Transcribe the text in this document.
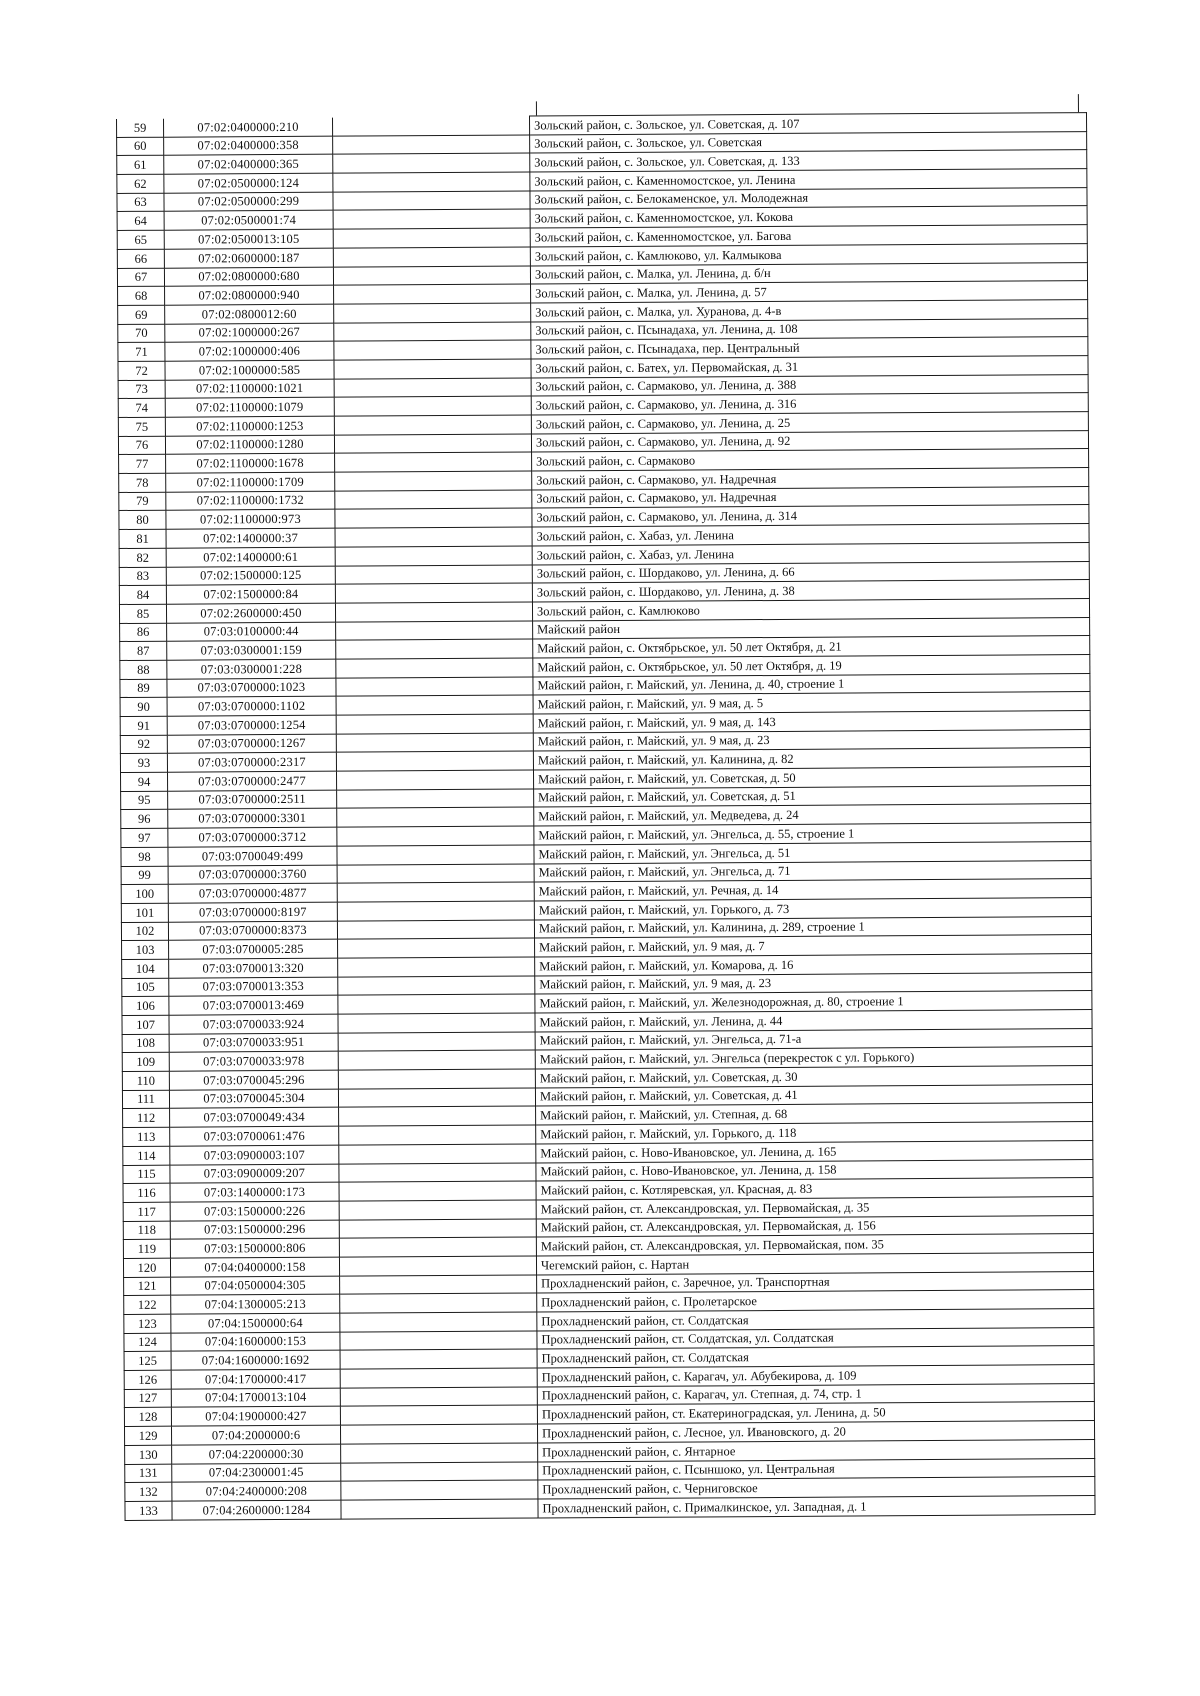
59	07:02:0400000:210		Зольский район, с. Зольское, ул. Советская, д. 107
60	07:02:0400000:358		Зольский район, с. Зольское, ул. Советская
61	07:02:0400000:365		Зольский район, с. Зольское, ул. Советская, д. 133
62	07:02:0500000:124		Зольский район, с. Каменномостское, ул. Ленина
63	07:02:0500000:299		Зольский район, с. Белокаменское, ул. Молодежная
64	07:02:0500001:74		Зольский район, с. Каменномостское, ул. Кокова
65	07:02:0500013:105		Зольский район, с. Каменномостское, ул. Багова
66	07:02:0600000:187		Зольский район, с. Камлюково, ул. Калмыкова
67	07:02:0800000:680		Зольский район, с. Малка, ул. Ленина, д. б/н
68	07:02:0800000:940		Зольский район, с. Малка, ул. Ленина, д. 57
69	07:02:0800012:60		Зольский район, с. Малка, ул. Хуранова, д. 4-в
70	07:02:1000000:267		Зольский район, с. Псынадаха, ул. Ленина, д. 108
71	07:02:1000000:406		Зольский район, с. Псынадаха, пер. Центральный
72	07:02:1000000:585		Зольский район, с. Батех, ул. Первомайская, д. 31
73	07:02:1100000:1021		Зольский район, с. Сармаково, ул. Ленина, д. 388
74	07:02:1100000:1079		Зольский район, с. Сармаково, ул. Ленина, д. 316
75	07:02:1100000:1253		Зольский район, с. Сармаково, ул. Ленина, д. 25
76	07:02:1100000:1280		Зольский район, с. Сармаково, ул. Ленина, д. 92
77	07:02:1100000:1678		Зольский район, с. Сармаково
78	07:02:1100000:1709		Зольский район, с. Сармаково, ул. Надречная
79	07:02:1100000:1732		Зольский район, с. Сармаково, ул. Надречная
80	07:02:1100000:973		Зольский район, с. Сармаково, ул. Ленина, д. 314
81	07:02:1400000:37		Зольский район, с. Хабаз, ул. Ленина
82	07:02:1400000:61		Зольский район, с. Хабаз, ул. Ленина
83	07:02:1500000:125		Зольский район, с. Шордаково, ул. Ленина, д. 66
84	07:02:1500000:84		Зольский район, с. Шордаково, ул. Ленина, д. 38
85	07:02:2600000:450		Зольский район, с. Камлюково
86	07:03:0100000:44		Майский район
87	07:03:0300001:159		Майский район, с. Октябрьское, ул. 50 лет Октября, д. 21
88	07:03:0300001:228		Майский район, с. Октябрьское, ул. 50 лет Октября, д. 19
89	07:03:0700000:1023		Майский район, г. Майский, ул. Ленина, д. 40, строение 1
90	07:03:0700000:1102		Майский район, г. Майский, ул. 9 мая, д. 5
91	07:03:0700000:1254		Майский район, г. Майский, ул. 9 мая, д. 143
92	07:03:0700000:1267		Майский район, г. Майский, ул. 9 мая, д. 23
93	07:03:0700000:2317		Майский район, г. Майский, ул. Калинина, д. 82
94	07:03:0700000:2477		Майский район, г. Майский, ул. Советская, д. 50
95	07:03:0700000:2511		Майский район, г. Майский, ул. Советская, д. 51
96	07:03:0700000:3301		Майский район, г. Майский, ул. Медведева, д. 24
97	07:03:0700000:3712		Майский район, г. Майский, ул. Энгельса, д. 55, строение 1
98	07:03:0700049:499		Майский район, г. Майский, ул. Энгельса, д. 51
99	07:03:0700000:3760		Майский район, г. Майский, ул. Энгельса, д. 71
100	07:03:0700000:4877		Майский район, г. Майский, ул. Речная, д. 14
101	07:03:0700000:8197		Майский район, г. Майский, ул. Горького, д. 73
102	07:03:0700000:8373		Майский район, г. Майский, ул. Калинина, д. 289, строение 1
103	07:03:0700005:285		Майский район, г. Майский, ул. 9 мая, д. 7
104	07:03:0700013:320		Майский район, г. Майский, ул. Комарова, д. 16
105	07:03:0700013:353		Майский район, г. Майский, ул. 9 мая, д. 23
106	07:03:0700013:469		Майский район, г. Майский, ул. Железнодорожная, д. 80, строение 1
107	07:03:0700033:924		Майский район, г. Майский, ул. Ленина, д. 44
108	07:03:0700033:951		Майский район, г. Майский, ул. Энгельса, д. 71-а
109	07:03:0700033:978		Майский район, г. Майский, ул. Энгельса (перекресток с ул. Горького)
110	07:03:0700045:296		Майский район, г. Майский, ул. Советская, д. 30
111	07:03:0700045:304		Майский район, г. Майский, ул. Советская, д. 41
112	07:03:0700049:434		Майский район, г. Майский, ул. Степная, д. 68
113	07:03:0700061:476		Майский район, г. Майский, ул. Горького, д. 118
114	07:03:0900003:107		Майский район, с. Ново-Ивановское, ул. Ленина, д. 165
115	07:03:0900009:207		Майский район, с. Ново-Ивановское, ул. Ленина, д. 158
116	07:03:1400000:173		Майский район, с. Котляревская, ул. Красная, д. 83
117	07:03:1500000:226		Майский район, ст. Александровская, ул. Первомайская, д. 35
118	07:03:1500000:296		Майский район, ст. Александровская, ул. Первомайская, д. 156
119	07:03:1500000:806		Майский район, ст. Александровская, ул. Первомайская, пом. 35
120	07:04:0400000:158		Чегемский район, с. Нартан
121	07:04:0500004:305		Прохладненский район, с. Заречное, ул. Транспортная
122	07:04:1300005:213		Прохладненский район, с. Пролетарское
123	07:04:1500000:64		Прохладненский район, ст. Солдатская
124	07:04:1600000:153		Прохладненский район, ст. Солдатская, ул. Солдатская
125	07:04:1600000:1692		Прохладненский район, ст. Солдатская
126	07:04:1700000:417		Прохладненский район, с. Карагач, ул. Абубекирова, д. 109
127	07:04:1700013:104		Прохладненский район, с. Карагач, ул. Степная, д. 74, стр. 1
128	07:04:1900000:427		Прохладненский район, ст. Екатериноградская, ул. Ленина, д. 50
129	07:04:2000000:6		Прохладненский район, с. Лесное, ул. Ивановского, д. 20
130	07:04:2200000:30		Прохладненский район, с. Янтарное
131	07:04:2300001:45		Прохладненский район, с. Псыншоко, ул. Центральная
132	07:04:2400000:208		Прохладненский район, с. Черниговское
133	07:04:2600000:1284		Прохладненский район, с. Прималкинское, ул. Западная, д. 1
